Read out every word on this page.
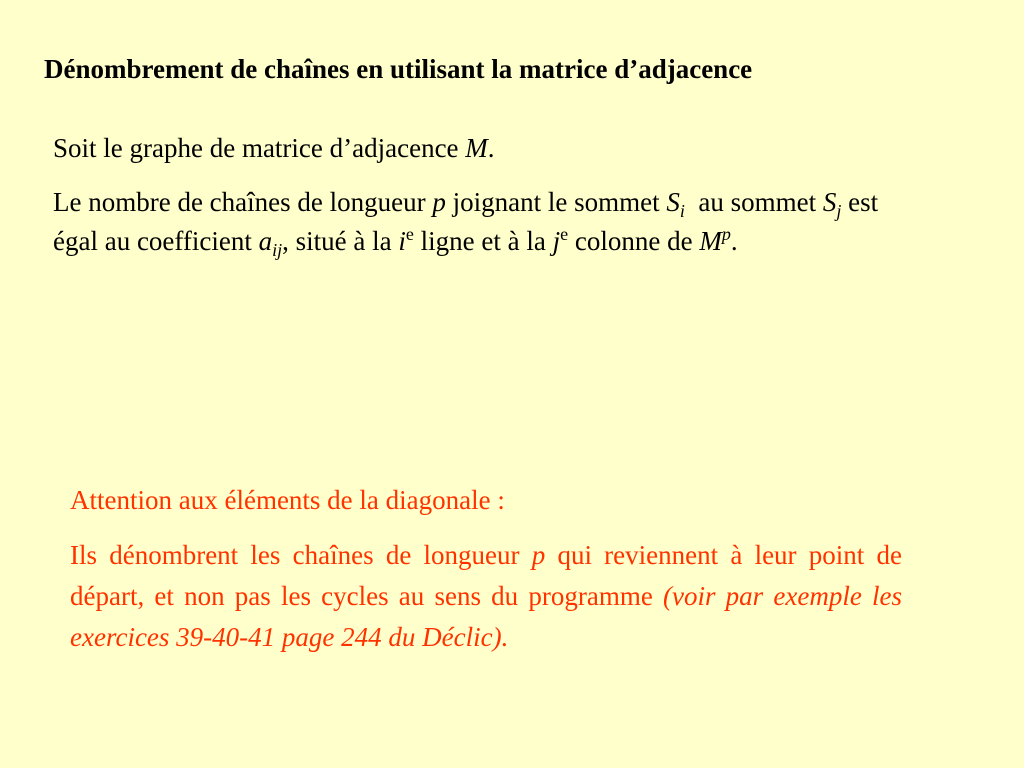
Dénombrement de chaînes en utilisant la matrice d’adjacence

Soit le graphe de matrice d’adjacence M.

Le nombre de chaînes de longueur p joignant le sommet $S_i$  au sommet $S_j$ est égal au coefficient $a_{ij}$, situé à la $i^e$ ligne et à la $j^e$ colonne de $M^p$.

Attention aux éléments de la diagonale :

Ils dénombrent les chaînes de longueur p qui reviennent à leur point de départ, et non pas les cycles au sens du programme (voir par exemple les exercices 39-40-41 page 244 du Déclic).
